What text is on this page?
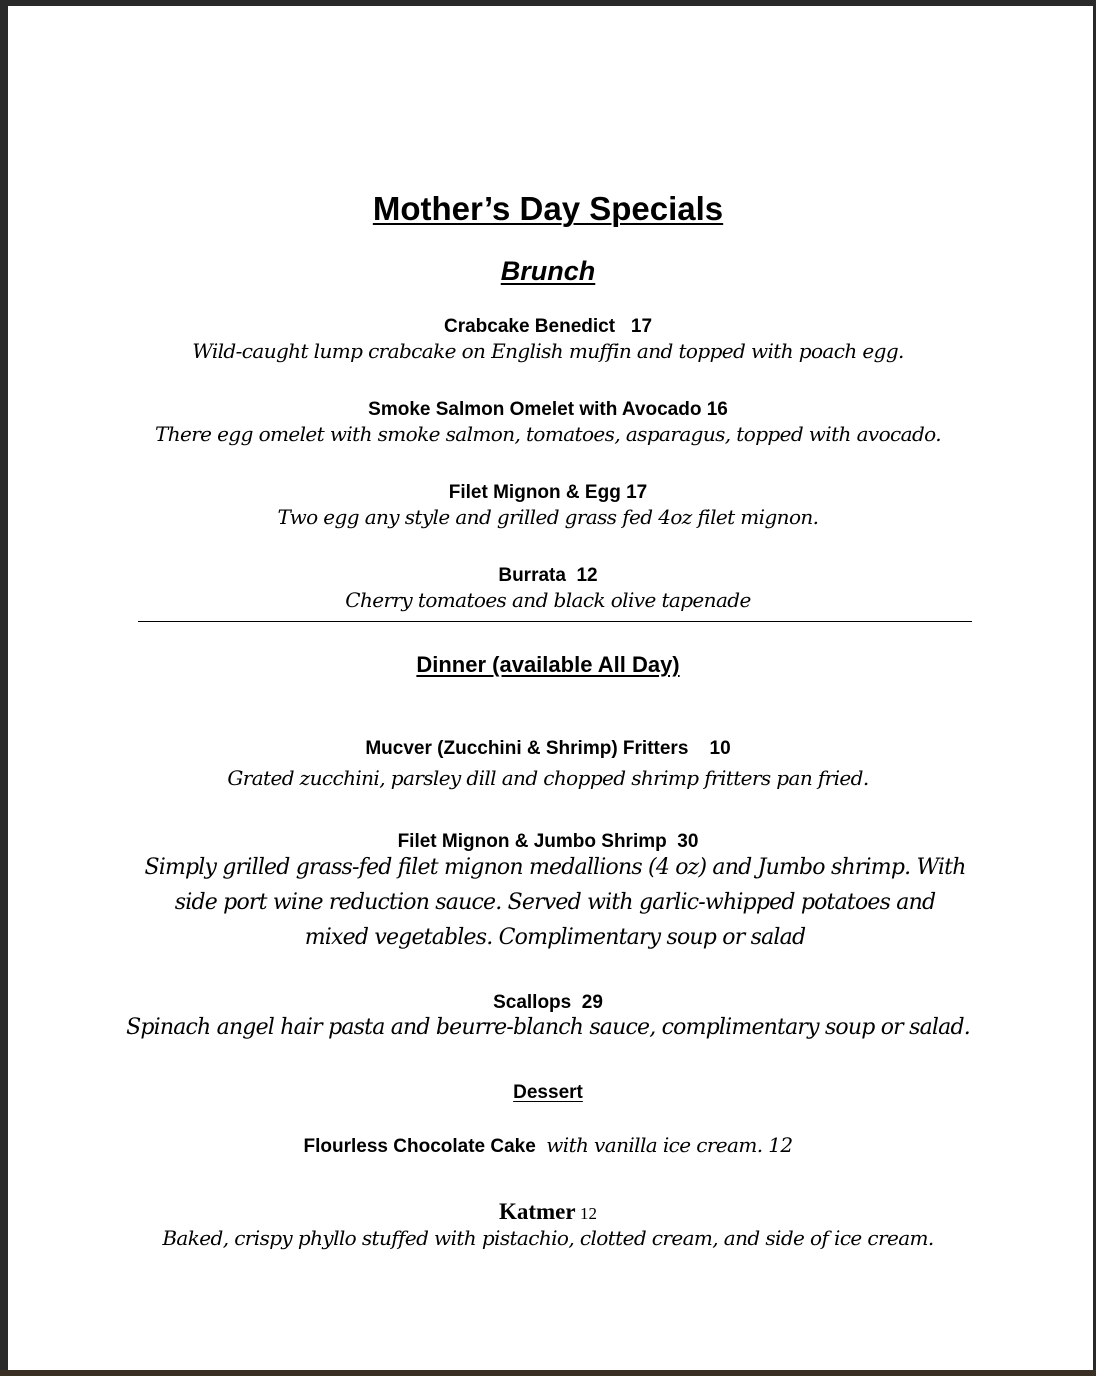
Mother’s Day Specials
Brunch
Crabcake Benedict   17
Wild-caught lump crabcake on English muffin and topped with poach egg.
Smoke Salmon Omelet with Avocado 16
There egg omelet with smoke salmon, tomatoes, asparagus, topped with avocado.
Filet Mignon & Egg 17
Two egg any style and grilled grass fed 4oz filet mignon.
Burrata  12
Cherry tomatoes and black olive tapenade
Dinner (available All Day)
Mucver (Zucchini & Shrimp) Fritters    10
Grated zucchini, parsley dill and chopped shrimp fritters pan fried.
Filet Mignon & Jumbo Shrimp  30
Simply grilled grass-fed filet mignon medallions (4 oz) and Jumbo shrimp. With side port wine reduction sauce. Served with garlic-whipped potatoes and mixed vegetables. Complimentary soup or salad
Scallops  29
Spinach angel hair pasta and beurre-blanch sauce, complimentary soup or salad.
Dessert
Flourless Chocolate Cake with vanilla ice cream. 12
Katmer 12
Baked, crispy phyllo stuffed with pistachio, clotted cream, and side of ice cream.
